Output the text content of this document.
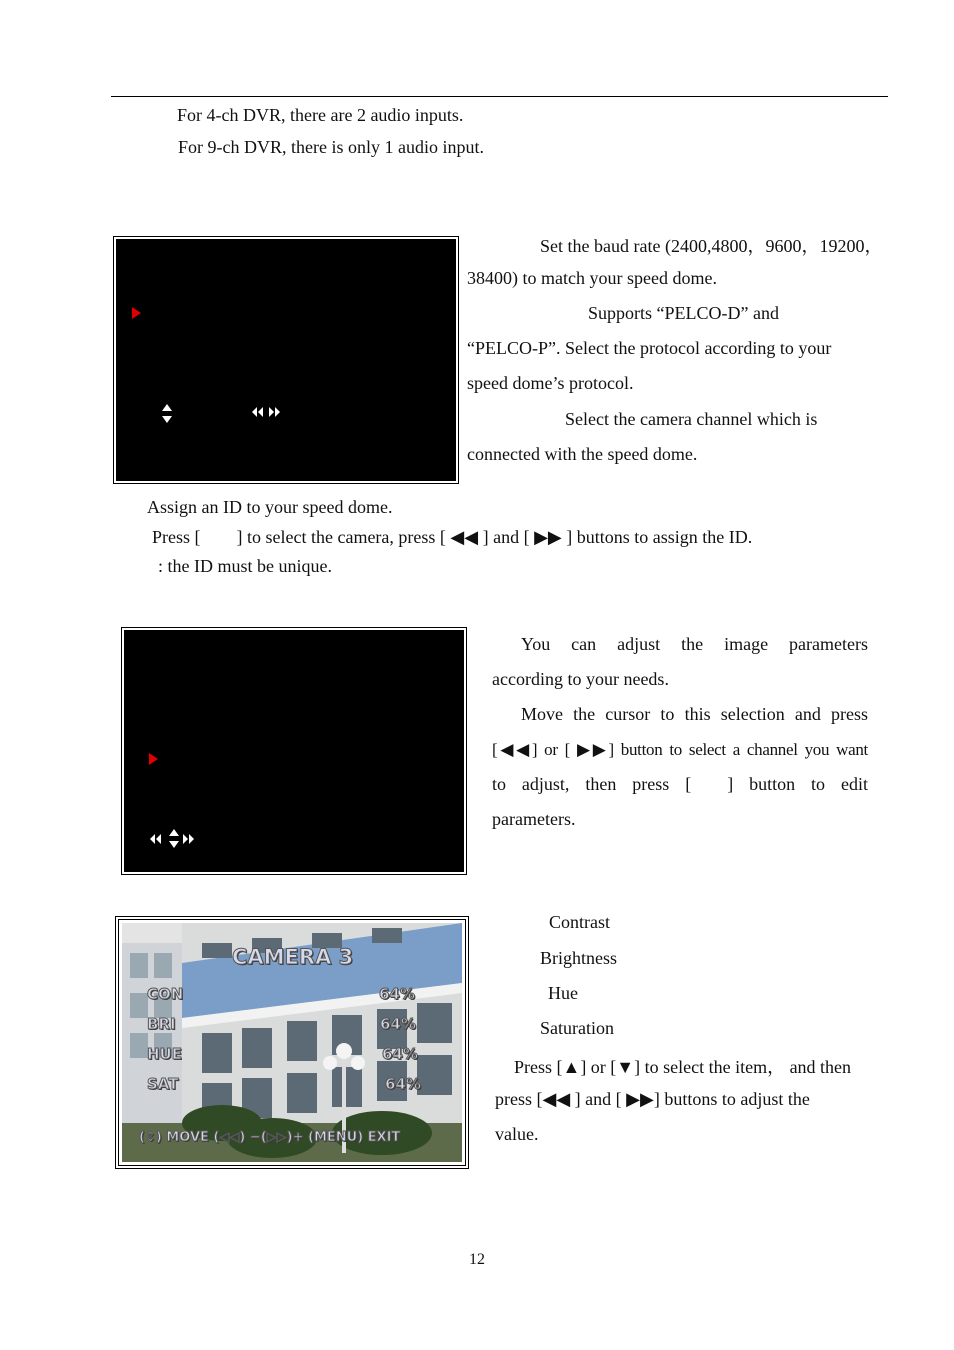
For 4-ch DVR, there are 2 audio inputs.
For 9-ch DVR, there is only 1 audio input.
Set the baud rate (2400,4800，9600，19200，
38400) to match your speed dome.
Supports “PELCO-D” and
“PELCO-P”. Select the protocol according to your
speed dome’s protocol.
Select the camera channel which is
connected with the speed dome.
Assign an ID to your speed dome.
Press [ ] to select the camera, press [ ◀◀ ] and [ ▶▶ ] buttons to assign the ID.
: the ID must be unique.
You can adjust the image parameters
according to your needs.
Move the cursor to this selection and press
[◀◀] or [ ▶▶] button to select a channel you want
to adjust, then press [ ] button to edit
parameters.
CAMERA 3
CON	64%
BRI	64%
HUE	64%
SAT	64%
(⇕) MOVE (◁◁) −(▷▷)+ (MENU) EXIT
Contrast
Brightness
Hue
Saturation
Press [▲] or [▼] to select the item， and then
press [◀◀ ] and [ ▶▶] buttons to adjust the
value.
12
